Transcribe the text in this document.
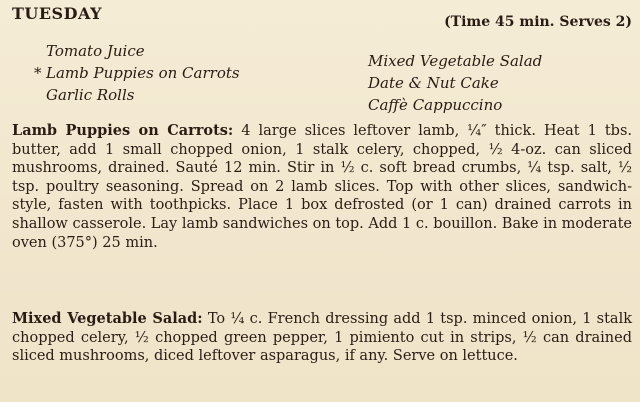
TUESDAY	(Time 45 min. Serves 2)
Tomato Juice
* Lamb Puppies on Carrots
Garlic Rolls
Mixed Vegetable Salad
Date & Nut Cake
Caffè Cappuccino
Lamb Puppies on Carrots: 4 large slices leftover lamb, ¼″ thick. Heat 1 tbs. butter, add 1 small chopped onion, 1 stalk celery, chopped, ½ 4-oz. can sliced mushrooms, drained. Sauté 12 min. Stir in ½ c. soft bread crumbs, ¼ tsp. salt, ½ tsp. poultry seasoning. Spread on 2 lamb slices. Top with other slices, sandwich-style, fasten with toothpicks. Place 1 box defrosted (or 1 can) drained carrots in shallow casserole. Lay lamb sandwiches on top. Add 1 c. bouillon. Bake in moderate oven (375°) 25 min.
Mixed Vegetable Salad: To ¼ c. French dressing add 1 tsp. minced onion, 1 stalk chopped celery, ½ chopped green pepper, 1 pimiento cut in strips, ½ can drained sliced mushrooms, diced leftover asparagus, if any. Serve on lettuce.
